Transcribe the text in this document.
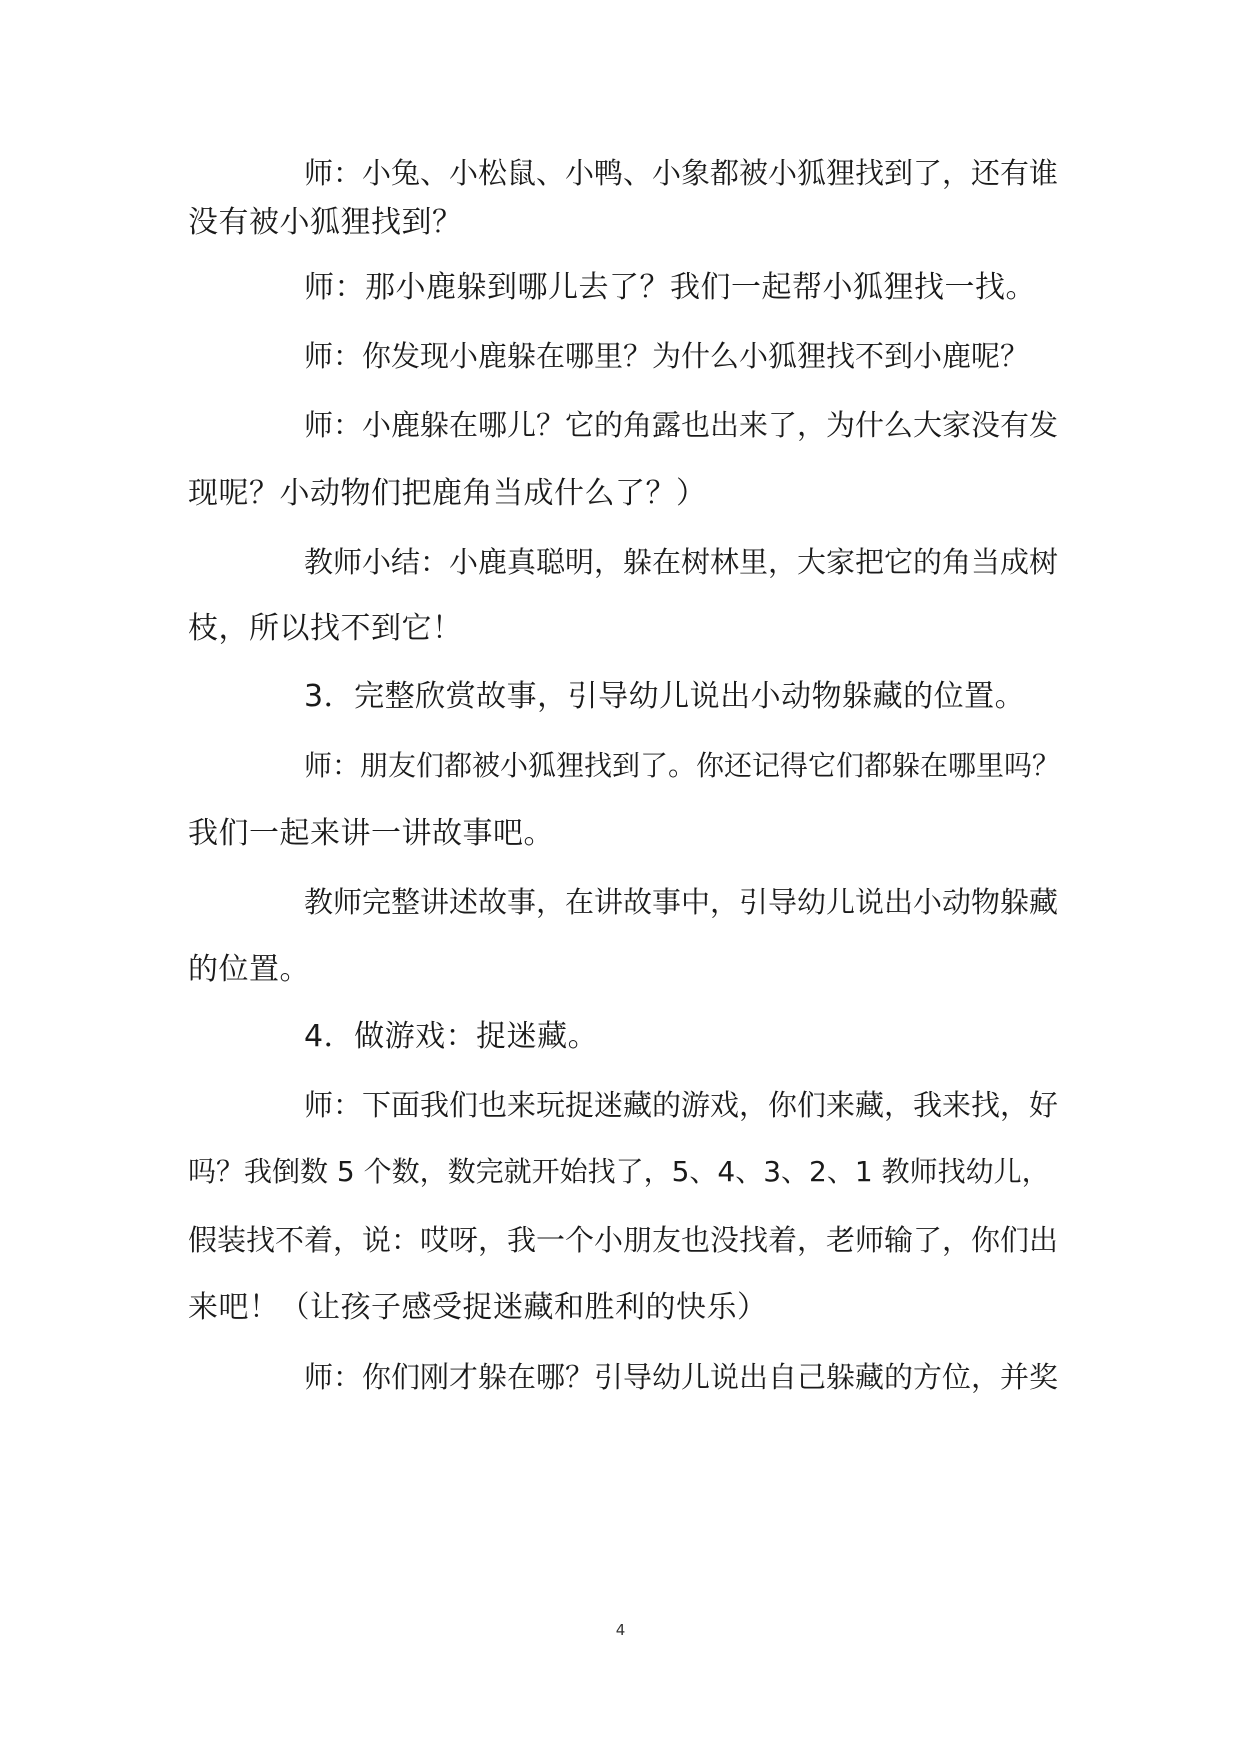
师：小兔、小松鼠、小鸭、小象都被小狐狸找到了，还有谁
没有被小狐狸找到？
师：那小鹿躲到哪儿去了？我们一起帮小狐狸找一找。
师：你发现小鹿躲在哪里？为什么小狐狸找不到小鹿呢？
师：小鹿躲在哪儿？它的角露也出来了，为什么大家没有发
现呢？小动物们把鹿角当成什么了？）
教师小结：小鹿真聪明，躲在树林里，大家把它的角当成树
枝，所以找不到它！
3．完整欣赏故事，引导幼儿说出小动物躲藏的位置。
师：朋友们都被小狐狸找到了。你还记得它们都躲在哪里吗？
我们一起来讲一讲故事吧。
教师完整讲述故事，在讲故事中，引导幼儿说出小动物躲藏
的位置。
4．做游戏：捉迷藏。
师：下面我们也来玩捉迷藏的游戏，你们来藏，我来找，好
吗？我倒数 5 个数，数完就开始找了，5、4、3、2、1 教师找幼儿，
假装找不着，说：哎呀，我一个小朋友也没找着，老师输了，你们出
来吧！（让孩子感受捉迷藏和胜利的快乐）
师：你们刚才躲在哪？引导幼儿说出自己躲藏的方位，并奖
4
